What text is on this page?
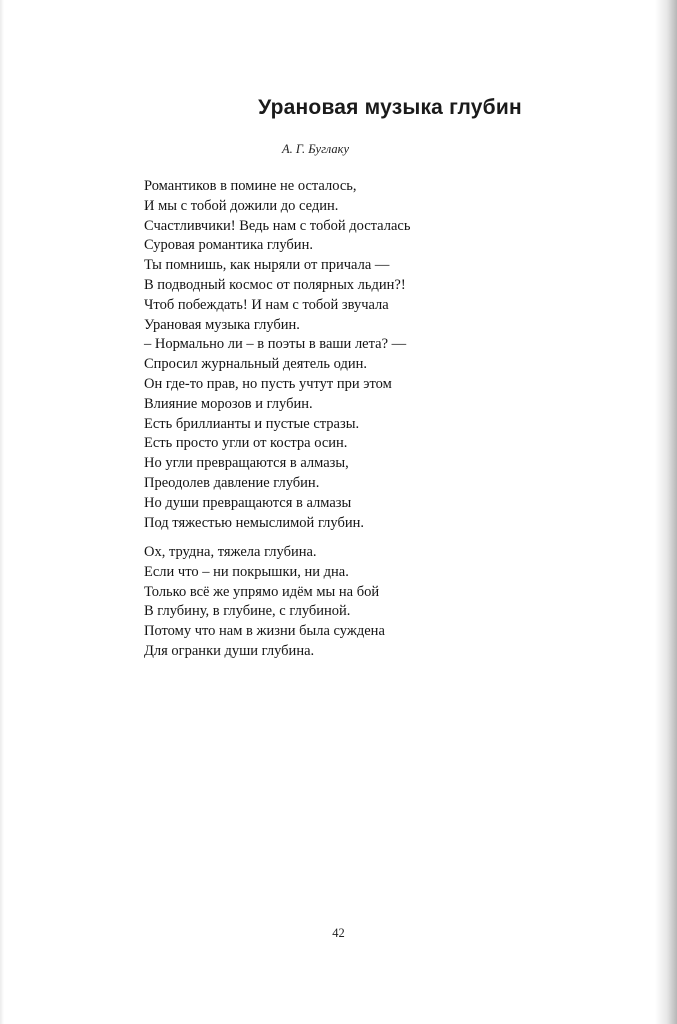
Урановая музыка глубин

А. Г. Буглаку

Романтиков в помине не осталось,
И мы с тобой дожили до седин.
Счастливчики! Ведь нам с тобой досталась
Суровая романтика глубин.
Ты помнишь, как ныряли от причала —
В подводный космос от полярных льдин?!
Чтоб побеждать! И нам с тобой звучала
Урановая музыка глубин.
– Нормально ли – в поэты в ваши лета? —
Спросил журнальный деятель один.
Он где-то прав, но пусть учтут при этом
Влияние морозов и глубин.
Есть бриллианты и пустые стразы.
Есть просто угли от костра осин.
Но угли превращаются в алмазы,
Преодолев давление глубин.
Но души превращаются в алмазы
Под тяжестью немыслимой глубин.
Ох, трудна, тяжела глубина.
Если что – ни покрышки, ни дна.
Только всё же упрямо идём мы на бой
В глубину, в глубине, с глубиной.
Потому что нам в жизни была суждена
Для огранки души глубина.

42
